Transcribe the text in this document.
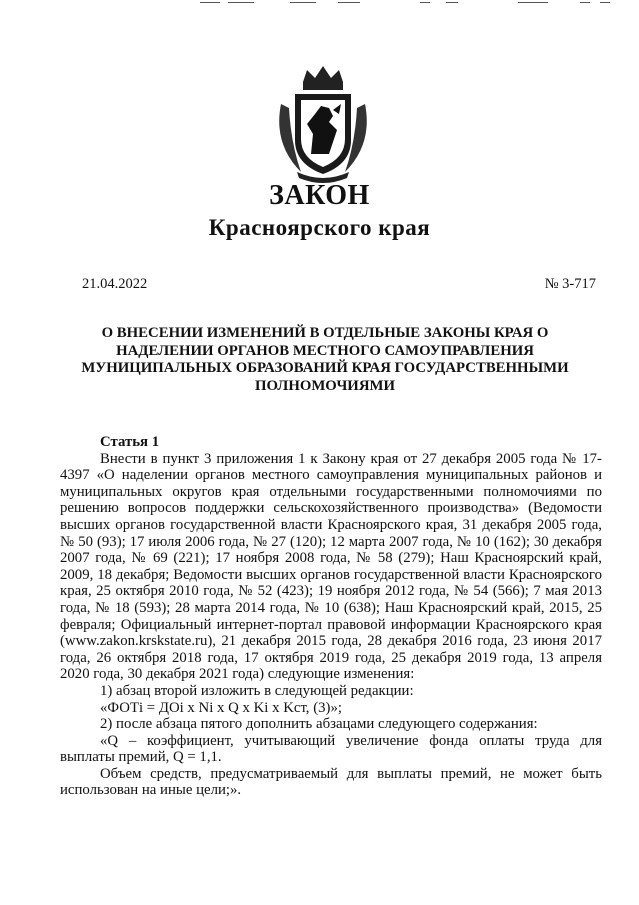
ЗАКОН
Красноярского края
21.04.2022	№ 3-717
О ВНЕСЕНИИ ИЗМЕНЕНИЙ В ОТДЕЛЬНЫЕ ЗАКОНЫ КРАЯ О НАДЕЛЕНИИ ОРГАНОВ МЕСТНОГО САМОУПРАВЛЕНИЯ МУНИЦИПАЛЬНЫХ ОБРАЗОВАНИЙ КРАЯ ГОСУДАРСТВЕННЫМИ ПОЛНОМОЧИЯМИ
Статья 1

Внести в пункт 3 приложения 1 к Закону края от 27 декабря 2005 года № 17-4397 «О наделении органов местного самоуправления муниципальных районов и муниципальных округов края отдельными государственными полномочиями по решению вопросов поддержки сельскохозяйственного производства» (Ведомости высших органов государственной власти Красноярского края, 31 декабря 2005 года, № 50 (93); 17 июля 2006 года, № 27 (120); 12 марта 2007 года, № 10 (162); 30 декабря 2007 года, № 69 (221); 17 ноября 2008 года, № 58 (279); Наш Красноярский край, 2009, 18 декабря; Ведомости высших органов государственной власти Красноярского края, 25 октября 2010 года, № 52 (423); 19 ноября 2012 года, № 54 (566); 7 мая 2013 года, № 18 (593); 28 марта 2014 года, № 10 (638); Наш Красноярский край, 2015, 25 февраля; Официальный интернет-портал правовой информации Красноярского края (www.zakon.krskstate.ru), 21 декабря 2015 года, 28 декабря 2016 года, 23 июня 2017 года, 26 октября 2018 года, 17 октября 2019 года, 25 декабря 2019 года, 13 апреля 2020 года, 30 декабря 2021 года) следующие изменения:

1) абзац второй изложить в следующей редакции:

«ФОТi = ДОi х Ni х Q х Ki х Kст, (3)»;

2) после абзаца пятого дополнить абзацами следующего содержания:

«Q – коэффициент, учитывающий увеличение фонда оплаты труда для выплаты премий, Q = 1,1.

Объем средств, предусматриваемый для выплаты премий, не может быть использован на иные цели;».
